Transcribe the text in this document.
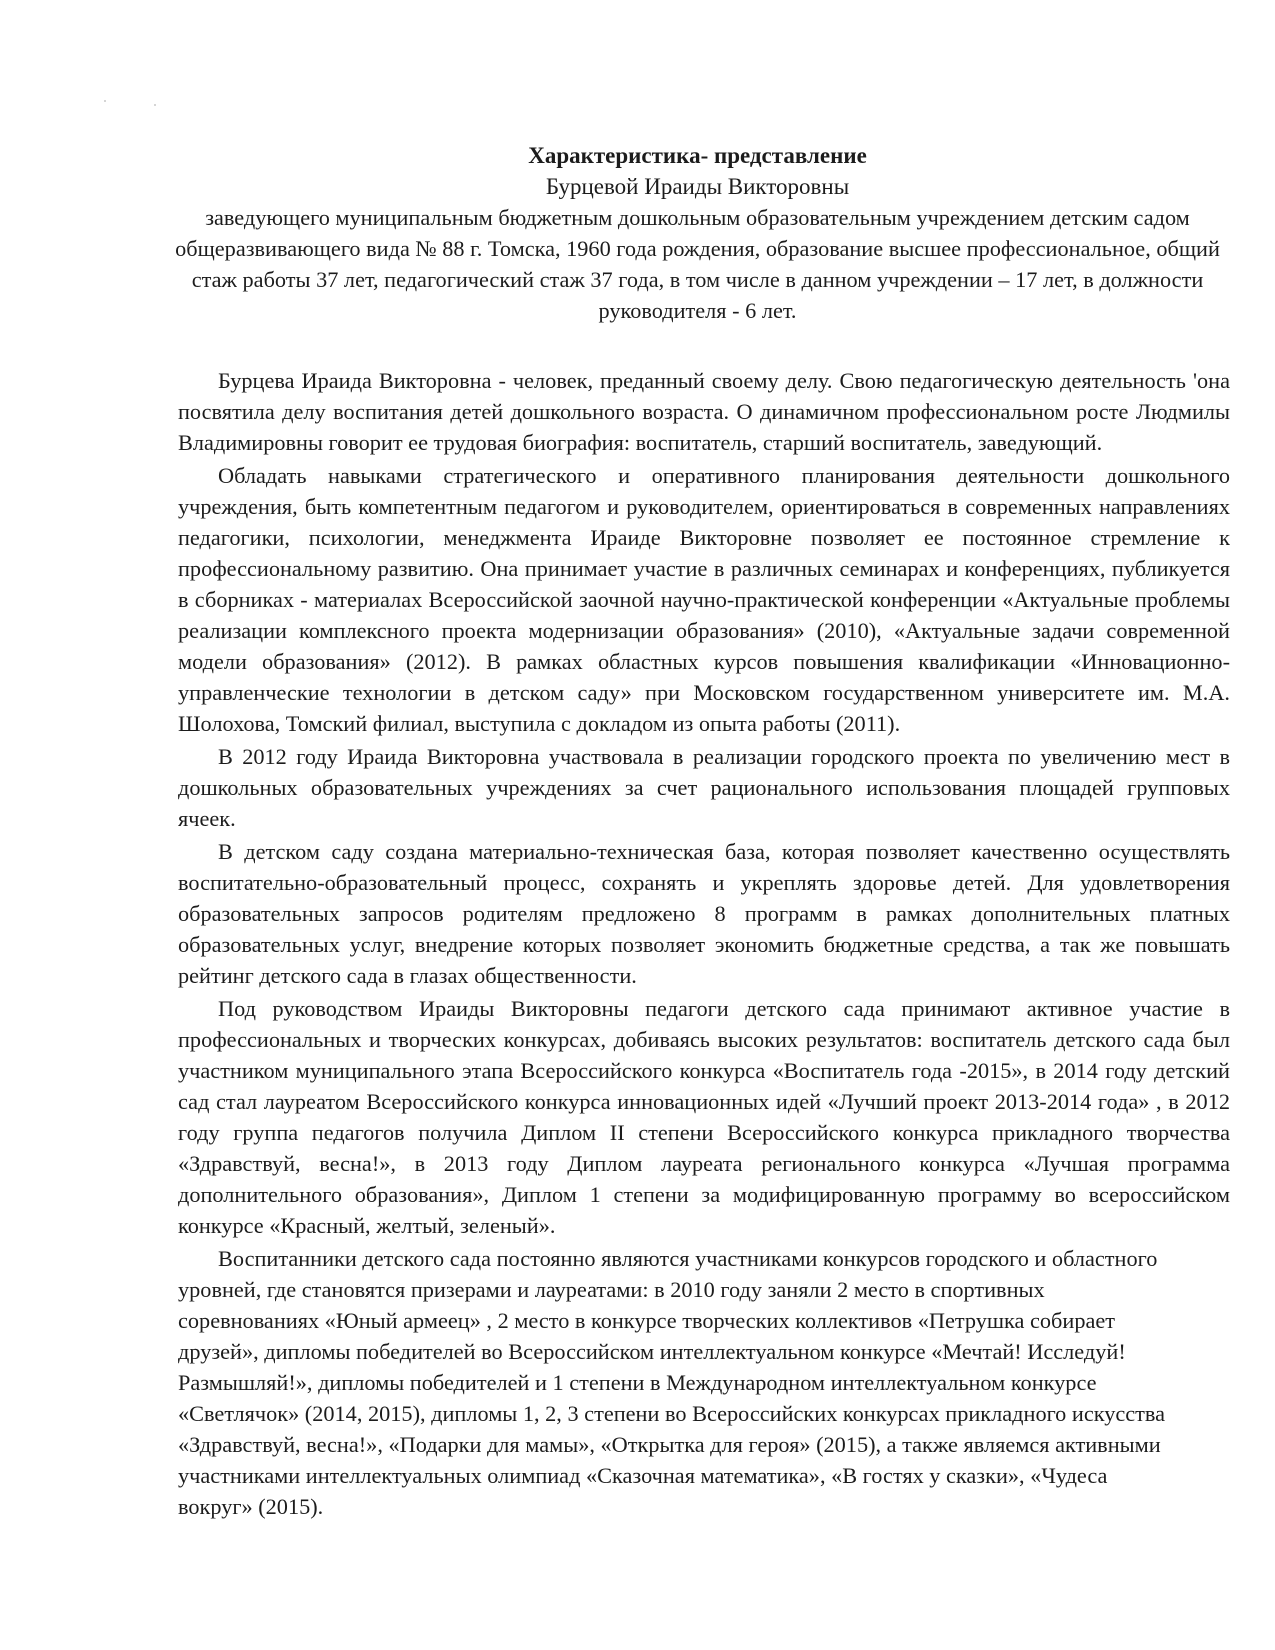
Характеристика- представление

Бурцевой Ираиды Викторовны

заведующего муниципальным бюджетным дошкольным образовательным учреждением детским садом общеразвивающего вида № 88 г. Томска, 1960 года рождения, образование высшее профессиональное, общий стаж работы 37 лет, педагогический стаж 37 года, в том числе в данном учреждении – 17 лет, в должности руководителя - 6 лет.

Бурцева Ираида Викторовна - человек, преданный своему делу. Свою педагогическую деятельность 'она посвятила делу воспитания детей дошкольного возраста. О динамичном профессиональном росте Людмилы Владимировны говорит ее трудовая биография: воспитатель, старший воспитатель, заведующий.

Обладать навыками стратегического и оперативного планирования деятельности дошкольного учреждения, быть компетентным педагогом и руководителем, ориентироваться в современных направлениях педагогики, психологии, менеджмента Ираиде Викторовне позволяет ее постоянное стремление к профессиональному развитию. Она принимает участие в различных семинарах и конференциях, публикуется в сборниках - материалах Всероссийской заочной научно-практической конференции «Актуальные проблемы реализации комплексного проекта модернизации образования» (2010), «Актуальные задачи современной модели образования» (2012). В рамках областных курсов повышения квалификации «Инновационно-управленческие технологии в детском саду» при Московском государственном университете им. М.А. Шолохова, Томский филиал, выступила с докладом из опыта работы (2011).

В 2012 году Ираида Викторовна участвовала в реализации городского проекта по увеличению мест в дошкольных образовательных учреждениях за счет рационального использования площадей групповых ячеек.

В детском саду создана материально-техническая база, которая позволяет качественно осуществлять воспитательно-образовательный процесс, сохранять и укреплять здоровье детей. Для удовлетворения образовательных запросов родителям предложено 8 программ в рамках дополнительных платных образовательных услуг, внедрение которых позволяет экономить бюджетные средства, а так же повышать рейтинг детского сада в глазах общественности.

Под руководством Ираиды Викторовны педагоги детского сада принимают активное участие в профессиональных и творческих конкурсах, добиваясь высоких результатов: воспитатель детского сада был участником муниципального этапа Всероссийского конкурса «Воспитатель года -2015», в 2014 году детский сад стал лауреатом Всероссийского конкурса инновационных идей «Лучший проект 2013-2014 года» , в 2012 году группа педагогов получила Диплом II степени Всероссийского конкурса прикладного творчества «Здравствуй, весна!», в 2013 году Диплом лауреата регионального конкурса «Лучшая программа дополнительного образования», Диплом 1 степени за модифицированную программу во всероссийском конкурсе «Красный, желтый, зеленый».

Воспитанники детского сада постоянно являются участниками конкурсов городского и областного уровней, где становятся призерами и лауреатами: в 2010 году заняли 2 место в спортивных соревнованиях «Юный армеец» , 2 место в конкурсе творческих коллективов «Петрушка собирает друзей», дипломы победителей во Всероссийском интеллектуальном конкурсе «Мечтай! Исследуй! Размышляй!», дипломы победителей и 1 степени в Международном интеллектуальном конкурсе «Светлячок» (2014, 2015), дипломы 1, 2, 3 степени во Всероссийских конкурсах прикладного искусства «Здравствуй, весна!», «Подарки для мамы», «Открытка для героя» (2015), а также являемся активными участниками интеллектуальных олимпиад «Сказочная математика», «В гостях у сказки», «Чудеса вокруг» (2015).
